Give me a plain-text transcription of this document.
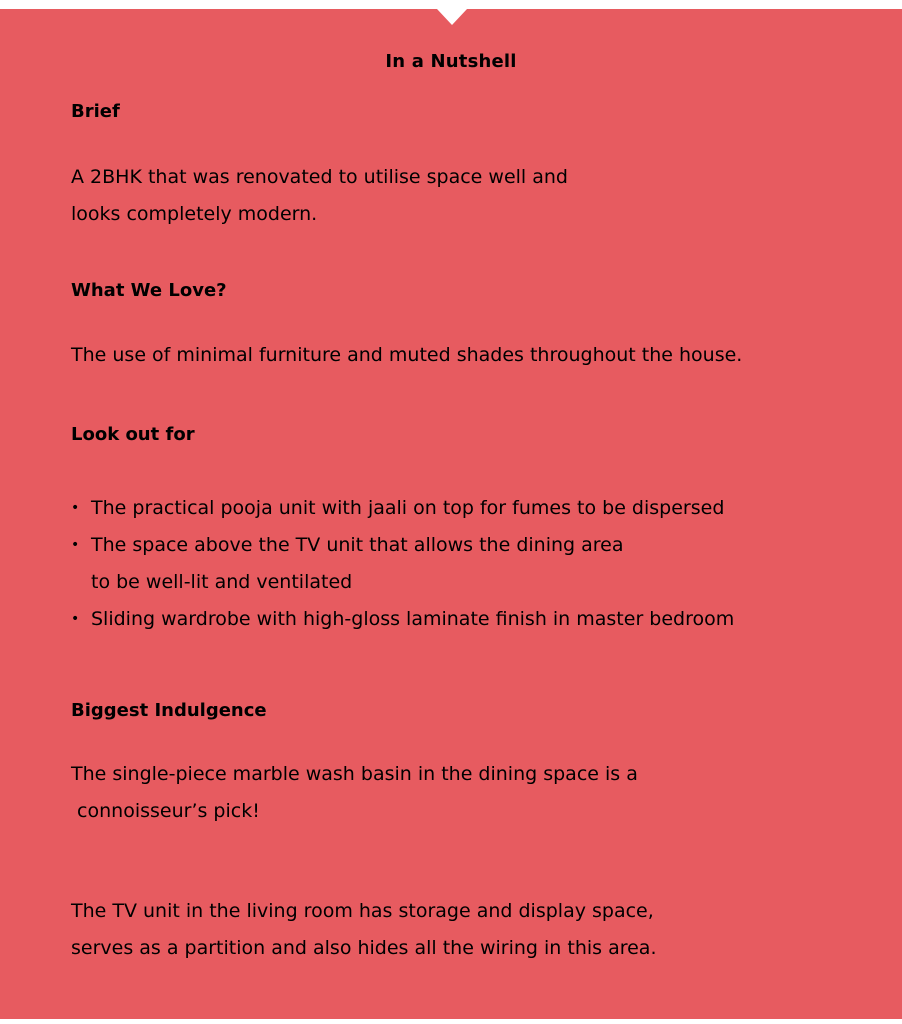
In a Nutshell
Brief
A 2BHK that was renovated to utilise space well and
looks completely modern.
What We Love?
The use of minimal furniture and muted shades throughout the house.
Look out for
• The practical pooja unit with jaali on top for fumes to be dispersed
• The space above the TV unit that allows the dining area
to be well-lit and ventilated
• Sliding wardrobe with high-gloss laminate finish in master bedroom
Biggest Indulgence
The single-piece marble wash basin in the dining space is a
connoisseur’s pick!
The TV unit in the living room has storage and display space,
serves as a partition and also hides all the wiring in this area.
